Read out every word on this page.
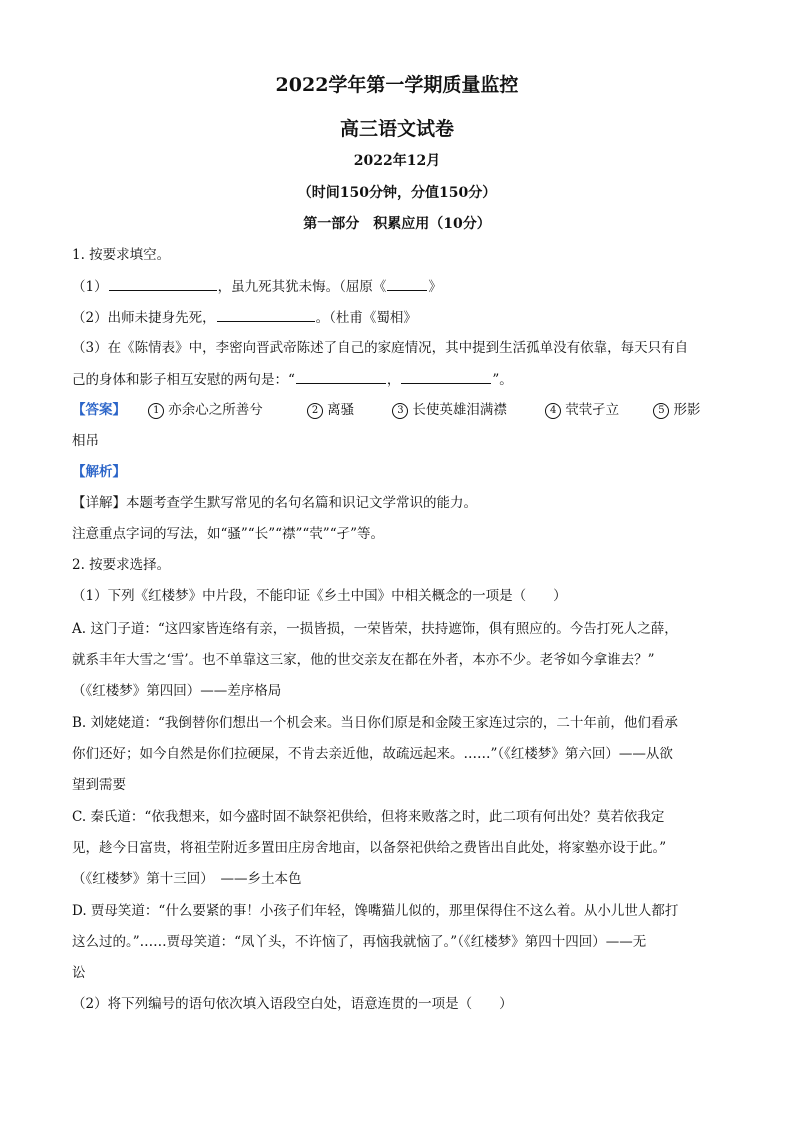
2022学年第一学期质量监控
高三语文试卷
2022年12月
（时间150分钟，分值150分）
第一部分　积累应用（10分）
1. 按要求填空。
（1）	，虽九死其犹未悔。（屈原《	》
（2）出师未捷身先死，	。（杜甫《蜀相》
（3）在《陈情表》中，李密向晋武帝陈述了自己的家庭情况，其中提到生活孤单没有依靠，每天只有自
己的身体和影子相互安慰的两句是：“	，	”。
【答案】	1 亦余心之所善兮	2 离骚	3 长使英雄泪满襟	4 茕茕孑立	5 形影
相吊
【解析】
【详解】本题考查学生默写常见的名句名篇和识记文学常识的能力。
注意重点字词的写法，如“骚”“长”“襟”“茕”“孑”等。
2. 按要求选择。
（1）下列《红楼梦》中片段，不能印证《乡土中国》中相关概念的一项是（　　）
A. 这门子道：“这四家皆连络有亲，一损皆损，一荣皆荣，扶持遮饰，俱有照应的。今告打死人之薛，
就系丰年大雪之‘雪’。也不单靠这三家，他的世交亲友在都在外者，本亦不少。老爷如今拿谁去？”
（《红楼梦》第四回）——差序格局
B. 刘姥姥道：“我倒替你们想出一个机会来。当日你们原是和金陵王家连过宗的，二十年前，他们看承
你们还好；如今自然是你们拉硬屎，不肯去亲近他，故疏远起来。……”（《红楼梦》第六回）——从欲
望到需要
C. 秦氏道：“依我想来，如今盛时固不缺祭祀供给，但将来败落之时，此二项有何出处？莫若依我定
见，趁今日富贵，将祖茔附近多置田庄房舍地亩，以备祭祀供给之费皆出自此处，将家塾亦设于此。”
（《红楼梦》第十三回）　——乡土本色
D. 贾母笑道：“什么要紧的事！小孩子们年轻，馋嘴猫儿似的，那里保得住不这么着。从小儿世人都打
这么过的。”……贾母笑道：“凤丫头，不许恼了，再恼我就恼了。”（《红楼梦》第四十四回）——无
讼
（2）将下列编号的语句依次填入语段空白处，语意连贯的一项是（　　）
